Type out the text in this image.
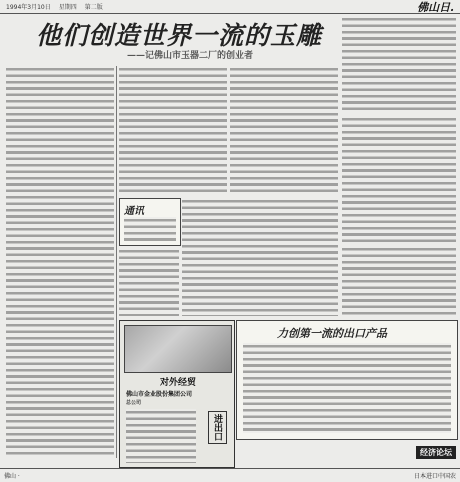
1994年3月10日 星期四 第二版	佛山日.
他们创造世界一流的玉雕
——记佛山市玉器二厂的创业者
通讯
力创第一流的出口产品
对外经贸
佛山市金业股份集团公司
总公司
进出口
经济论坛
佛山 ·	日本进口中国农
